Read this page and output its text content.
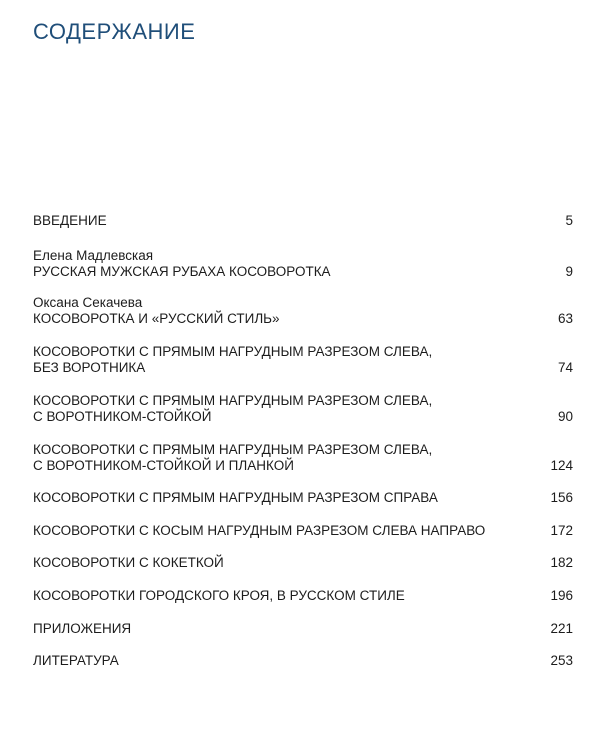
СОДЕРЖАНИЕ
ВВЕДЕНИЕ	5
Елена Мадлевская
РУССКАЯ МУЖСКАЯ РУБАХА КОСОВОРОТКА	9
Оксана Секачева
КОСОВОРОТКА И «РУССКИЙ СТИЛЬ»	63
КОСОВОРОТКИ С ПРЯМЫМ НАГРУДНЫМ РАЗРЕЗОМ СЛЕВА,
БЕЗ ВОРОТНИКА	74
КОСОВОРОТКИ С ПРЯМЫМ НАГРУДНЫМ РАЗРЕЗОМ СЛЕВА,
С ВОРОТНИКОМ-СТОЙКОЙ	90
КОСОВОРОТКИ С ПРЯМЫМ НАГРУДНЫМ РАЗРЕЗОМ СЛЕВА,
С ВОРОТНИКОМ-СТОЙКОЙ И ПЛАНКОЙ	124
КОСОВОРОТКИ С ПРЯМЫМ НАГРУДНЫМ РАЗРЕЗОМ СПРАВА	156
КОСОВОРОТКИ С КОСЫМ НАГРУДНЫМ РАЗРЕЗОМ СЛЕВА НАПРАВО	172
КОСОВОРОТКИ С КОКЕТКОЙ	182
КОСОВОРОТКИ ГОРОДСКОГО КРОЯ, В РУССКОМ СТИЛЕ	196
ПРИЛОЖЕНИЯ	221
ЛИТЕРАТУРА	253
